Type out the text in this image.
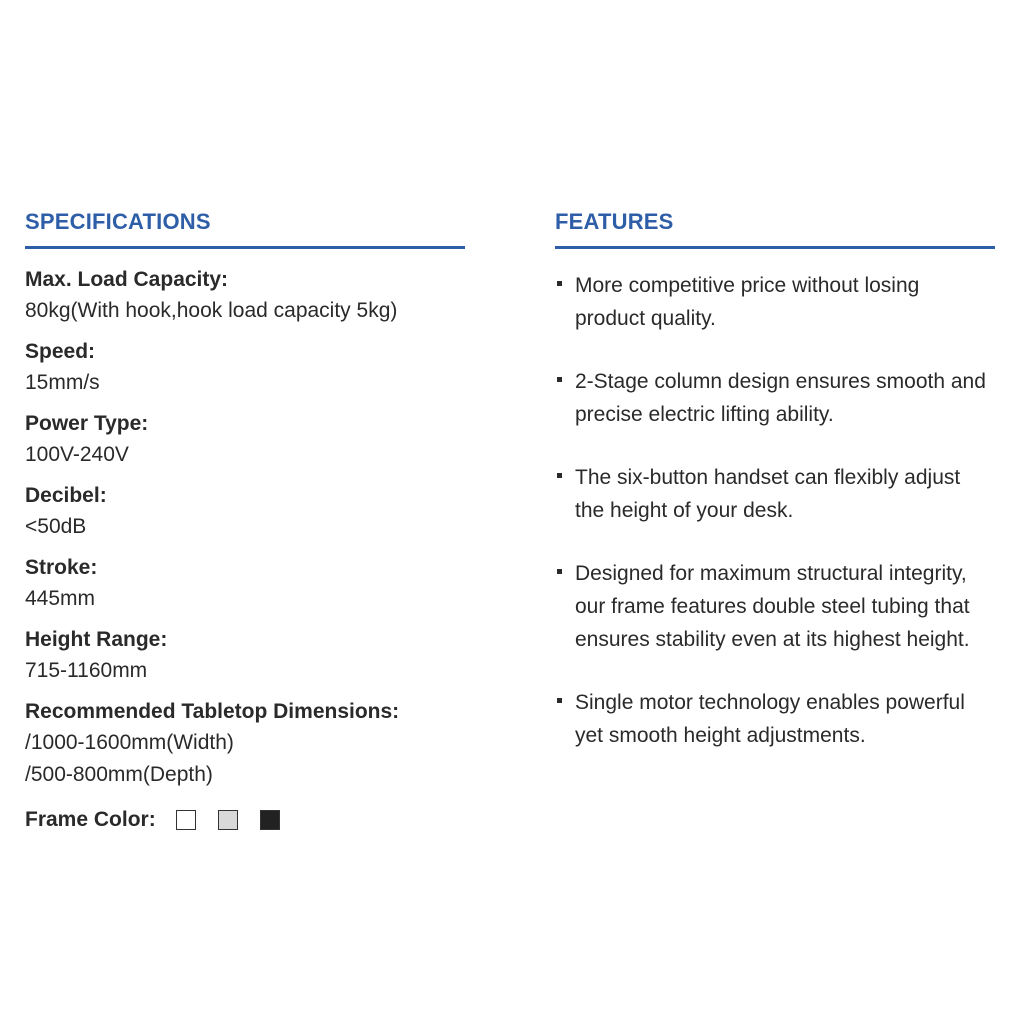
SPECIFICATIONS
Max. Load Capacity:
80kg(With hook,hook load capacity 5kg)
Speed:
15mm/s
Power Type:
100V-240V
Decibel:
<50dB
Stroke:
445mm
Height Range:
715-1160mm
Recommended Tabletop Dimensions:
/1000-1600mm(Width)
/500-800mm(Depth)
Frame Color:
FEATURES
More competitive price without losing product quality.
2-Stage column design ensures smooth and precise electric lifting ability.
The six-button handset can flexibly adjust the height of your desk.
Designed for maximum structural integrity, our frame features double steel tubing that ensures stability even at its highest height.
Single motor technology enables powerful yet smooth height adjustments.
